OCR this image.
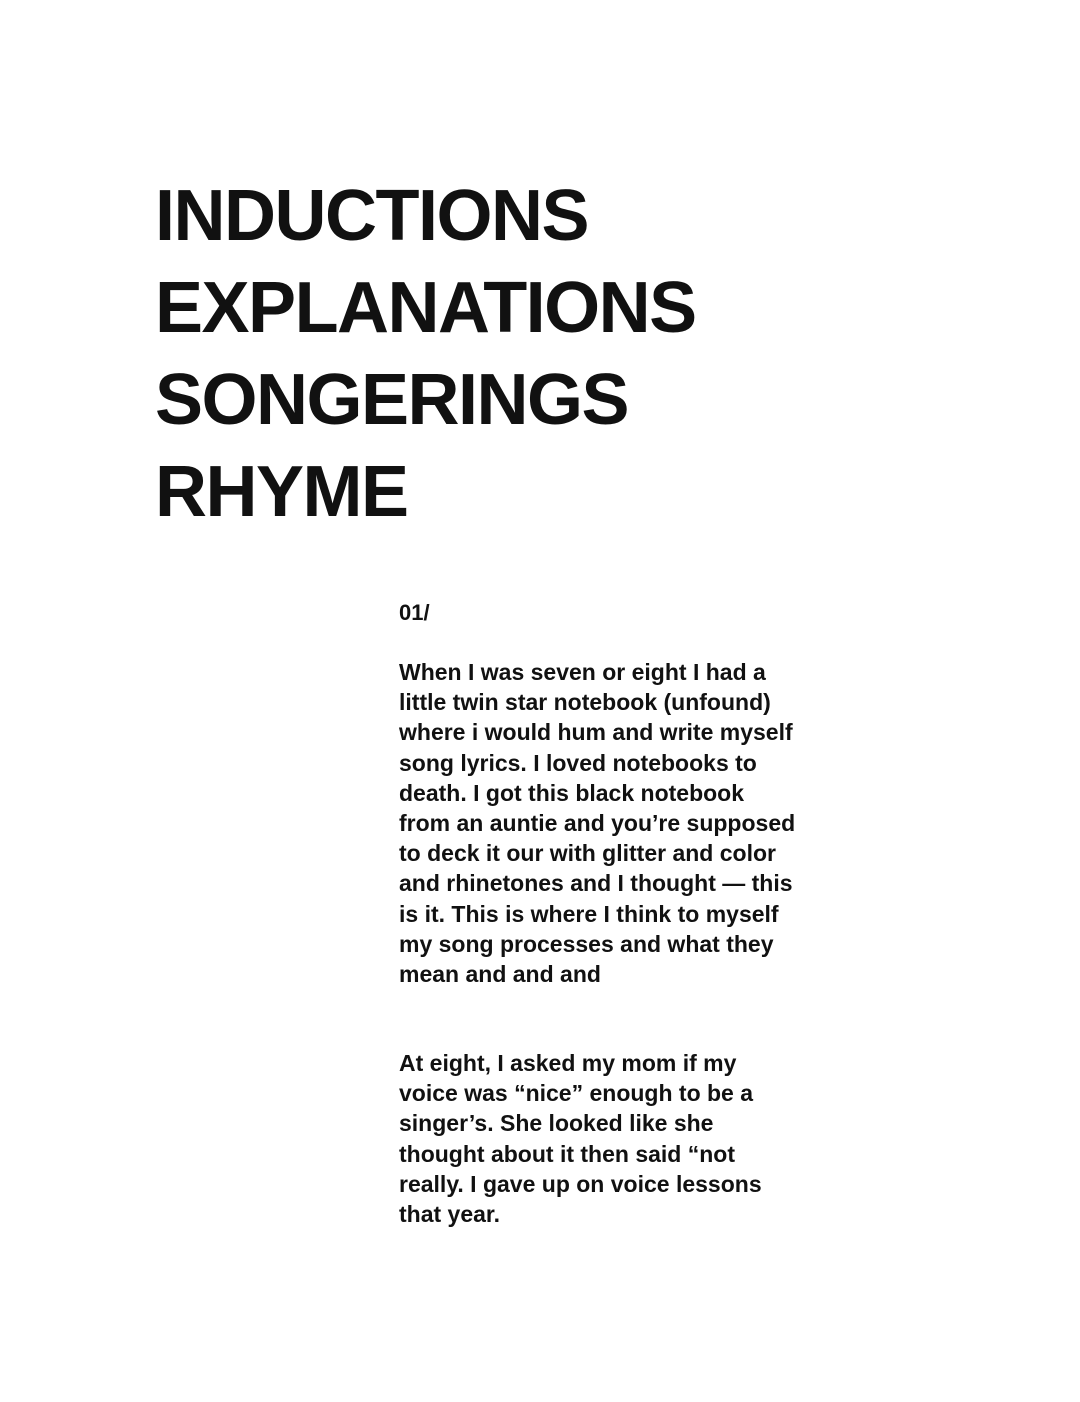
INDUCTIONS
EXPLANATIONS
SONGERINGS
RHYME
01/

When I was seven or eight I had a
little twin star notebook (unfound)
where i would hum and write myself
song lyrics. I loved notebooks to
death. I got this black notebook
from an auntie and you’re supposed
to deck it our with glitter and color
and rhinetones and I thought — this
is it. This is where I think to myself
my song processes and what they
mean and and and

At eight, I asked my mom if my
voice was “nice” enough to be a
singer’s. She looked like she
thought about it then said “not
really. I gave up on voice lessons
that year.
